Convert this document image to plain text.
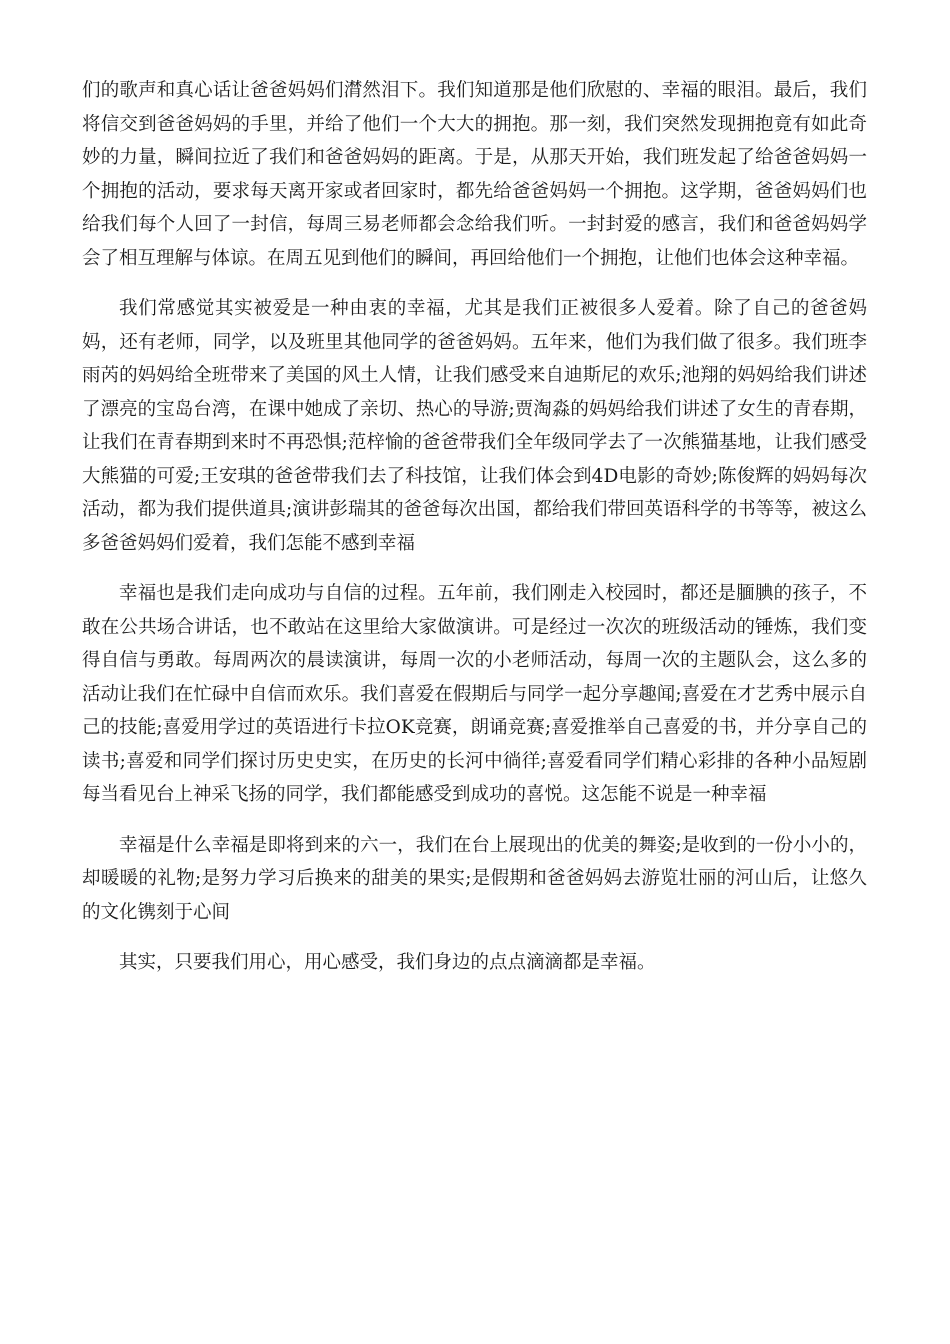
们的歌声和真心话让爸爸妈妈们潸然泪下。我们知道那是他们欣慰的、幸福的眼泪。最后，我们将信交到爸爸妈妈的手里，并给了他们一个大大的拥抱。那一刻，我们突然发现拥抱竟有如此奇妙的力量，瞬间拉近了我们和爸爸妈妈的距离。于是，从那天开始，我们班发起了给爸爸妈妈一个拥抱的活动，要求每天离开家或者回家时，都先给爸爸妈妈一个拥抱。这学期，爸爸妈妈们也给我们每个人回了一封信，每周三易老师都会念给我们听。一封封爱的感言，我们和爸爸妈妈学会了相互理解与体谅。在周五见到他们的瞬间，再回给他们一个拥抱，让他们也体会这种幸福。

我们常感觉其实被爱是一种由衷的幸福，尤其是我们正被很多人爱着。除了自己的爸爸妈妈，还有老师，同学，以及班里其他同学的爸爸妈妈。五年来，他们为我们做了很多。我们班李雨芮的妈妈给全班带来了美国的风土人情，让我们感受来自迪斯尼的欢乐;池翔的妈妈给我们讲述了漂亮的宝岛台湾，在课中她成了亲切、热心的导游;贾淘淼的妈妈给我们讲述了女生的青春期，让我们在青春期到来时不再恐惧;范梓愉的爸爸带我们全年级同学去了一次熊猫基地，让我们感受大熊猫的可爱;王安琪的爸爸带我们去了科技馆，让我们体会到4D电影的奇妙;陈俊辉的妈妈每次活动，都为我们提供道具;演讲彭瑞其的爸爸每次出国，都给我们带回英语科学的书等等，被这么多爸爸妈妈们爱着，我们怎能不感到幸福

幸福也是我们走向成功与自信的过程。五年前，我们刚走入校园时，都还是腼腆的孩子，不敢在公共场合讲话，也不敢站在这里给大家做演讲。可是经过一次次的班级活动的锤炼，我们变得自信与勇敢。每周两次的晨读演讲，每周一次的小老师活动，每周一次的主题队会，这么多的活动让我们在忙碌中自信而欢乐。我们喜爱在假期后与同学一起分享趣闻;喜爱在才艺秀中展示自己的技能;喜爱用学过的英语进行卡拉OK竞赛，朗诵竞赛;喜爱推举自己喜爱的书，并分享自己的读书;喜爱和同学们探讨历史史实，在历史的长河中徜徉;喜爱看同学们精心彩排的各种小品短剧每当看见台上神采飞扬的同学，我们都能感受到成功的喜悦。这怎能不说是一种幸福

幸福是什么幸福是即将到来的六一，我们在台上展现出的优美的舞姿;是收到的一份小小的，却暖暖的礼物;是努力学习后换来的甜美的果实;是假期和爸爸妈妈去游览壮丽的河山后，让悠久的文化镌刻于心间

其实，只要我们用心，用心感受，我们身边的点点滴滴都是幸福。
